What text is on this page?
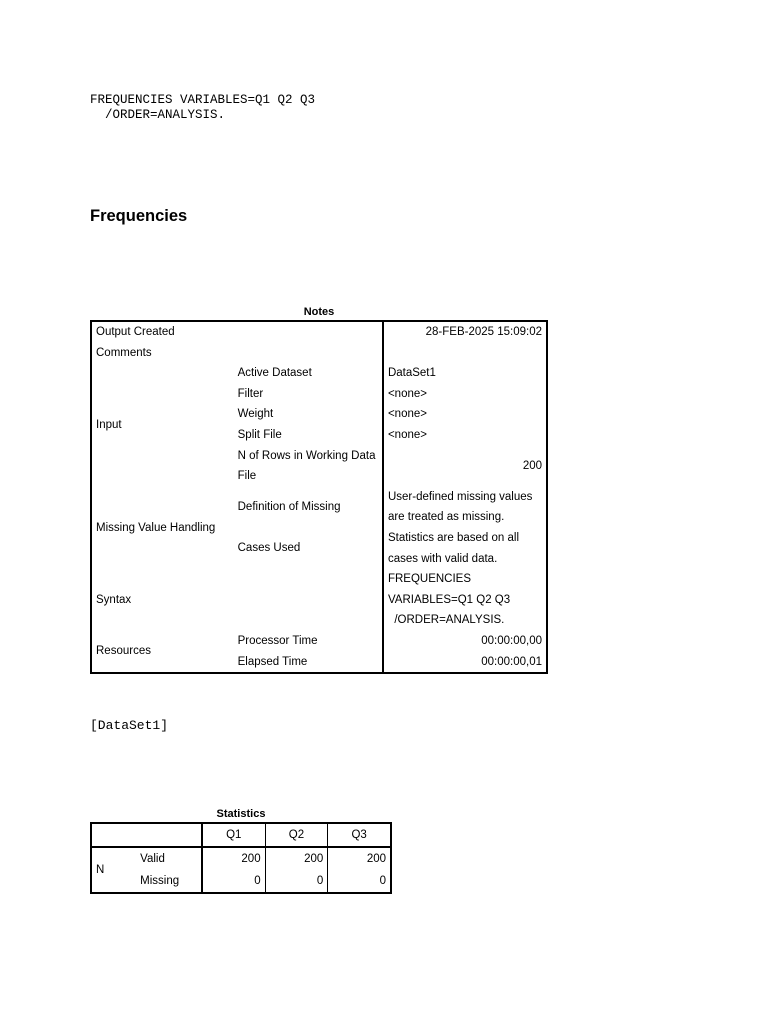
FREQUENCIES VARIABLES=Q1 Q2 Q3
/ORDER=ANALYSIS.
Frequencies
Notes
Output Created		28-FEB-2025 15:09:02
Comments		
Input	Active Dataset	DataSet1
	Filter	<none>
	Weight	<none>
	Split File	<none>

	N of Rows in Working Data
File	200
Missing Value Handling	Definition of Missing	User-defined missing values
are treated as missing.

	Cases Used	Statistics are based on all
cases with valid data.

Syntax		FREQUENCIES
VARIABLES=Q1 Q2 Q3
/ORDER=ANALYSIS.

Resources	Processor Time	00:00:00,00
	Elapsed Time	00:00:00,01
[DataSet1]
Statistics
		Q1	Q2	Q3
N	Valid	200	200	200
	Missing	0	0	0
